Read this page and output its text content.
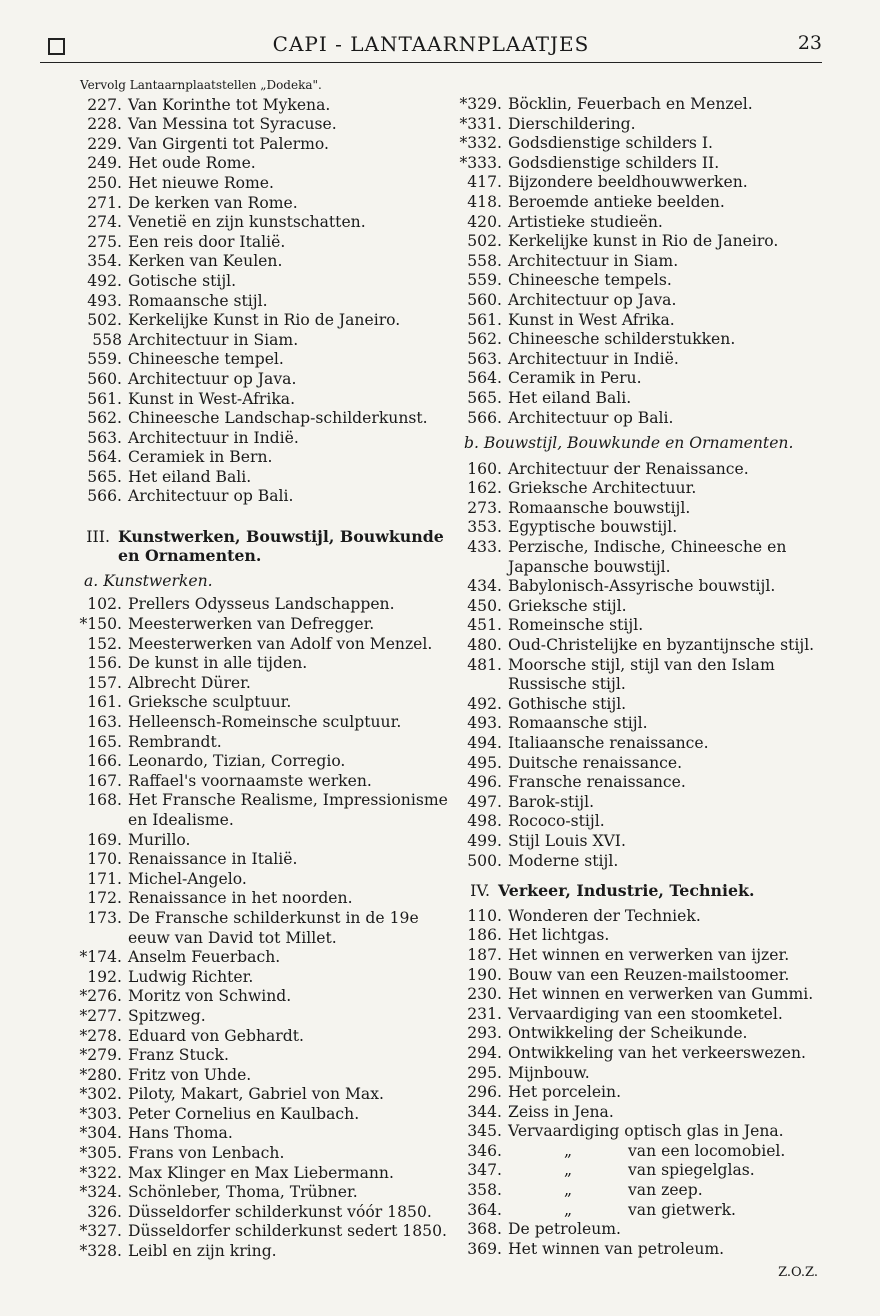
CAPI - LANTAARNPLAATJES	23
Vervolg Lantaarnplaatstellen „Dodeka".
227. Van Korinthe tot Mykena.
228. Van Messina tot Syracuse.
229. Van Girgenti tot Palermo.
249. Het oude Rome.
250. Het nieuwe Rome.
271. De kerken van Rome.
274. Venetië en zijn kunstschatten.
275. Een reis door Italië.
354. Kerken van Keulen.
492. Gotische stijl.
493. Romaansche stijl.
502. Kerkelijke Kunst in Rio de Janeiro.
558 Architectuur in Siam.
559. Chineesche tempel.
560. Architectuur op Java.
561. Kunst in West-Afrika.
562. Chineesche Landschap-schilderkunst.
563. Architectuur in Indië.
564. Ceramiek in Bern.
565. Het eiland Bali.
566. Architectuur op Bali.
III. Kunstwerken, Bouwstijl, Bouwkunde
en Ornamenten.
a. Kunstwerken.
102. Prellers Odysseus Landschappen.
*150. Meesterwerken van Defregger.
152. Meesterwerken van Adolf von Menzel.
156. De kunst in alle tijden.
157. Albrecht Dürer.
161. Grieksche sculptuur.
163. Helleensch-Romeinsche sculptuur.
165. Rembrandt.
166. Leonardo, Tizian, Corregio.
167. Raffael's voornaamste werken.
168. Het Fransche Realisme, Impressionisme
en Idealisme.
169. Murillo.
170. Renaissance in Italië.
171. Michel-Angelo.
172. Renaissance in het noorden.
173. De Fransche schilderkunst in de 19e
eeuw van David tot Millet.
*174. Anselm Feuerbach.
192. Ludwig Richter.
*276. Moritz von Schwind.
*277. Spitzweg.
*278. Eduard von Gebhardt.
*279. Franz Stuck.
*280. Fritz von Uhde.
*302. Piloty, Makart, Gabriel von Max.
*303. Peter Cornelius en Kaulbach.
*304. Hans Thoma.
*305. Frans von Lenbach.
*322. Max Klinger en Max Liebermann.
*324. Schönleber, Thoma, Trübner.
326. Düsseldorfer schilderkunst vóór 1850.
*327. Düsseldorfer schilderkunst sedert 1850.
*328. Leibl en zijn kring.
*329. Böcklin, Feuerbach en Menzel.
*331. Dierschildering.
*332. Godsdienstige schilders I.
*333. Godsdienstige schilders II.
417. Bijzondere beeldhouwwerken.
418. Beroemde antieke beelden.
420. Artistieke studieën.
502. Kerkelijke kunst in Rio de Janeiro.
558. Architectuur in Siam.
559. Chineesche tempels.
560. Architectuur op Java.
561. Kunst in West Afrika.
562. Chineesche schilderstukken.
563. Architectuur in Indië.
564. Ceramik in Peru.
565. Het eiland Bali.
566. Architectuur op Bali.
b. Bouwstijl, Bouwkunde en Ornamenten.
160. Architectuur der Renaissance.
162. Grieksche Architectuur.
273. Romaansche bouwstijl.
353. Egyptische bouwstijl.
433. Perzische, Indische, Chineesche en
Japansche bouwstijl.
434. Babylonisch-Assyrische bouwstijl.
450. Grieksche stijl.
451. Romeinsche stijl.
480. Oud-Christelijke en byzantijnsche stijl.
481. Moorsche stijl, stijl van den Islam
Russische stijl.
492. Gothische stijl.
493. Romaansche stijl.
494. Italiaansche renaissance.
495. Duitsche renaissance.
496. Fransche renaissance.
497. Barok-stijl.
498. Rococo-stijl.
499. Stijl Louis XVI.
500. Moderne stijl.
IV. Verkeer, Industrie, Techniek.
110. Wonderen der Techniek.
186. Het lichtgas.
187. Het winnen en verwerken van ijzer.
190. Bouw van een Reuzen-mailstoomer.
230. Het winnen en verwerken van Gummi.
231. Vervaardiging van een stoomketel.
293. Ontwikkeling der Scheikunde.
294. Ontwikkeling van het verkeerswezen.
295. Mijnbouw.
296. Het porcelein.
344. Zeiss in Jena.
345. Vervaardiging optisch glas in Jena.
346.	„	van een locomobiel.
347.	„	van spiegelglas.
358.	„	van zeep.
364.	„	van gietwerk.
368. De petroleum.
369. Het winnen van petroleum.
Z.O.Z.
